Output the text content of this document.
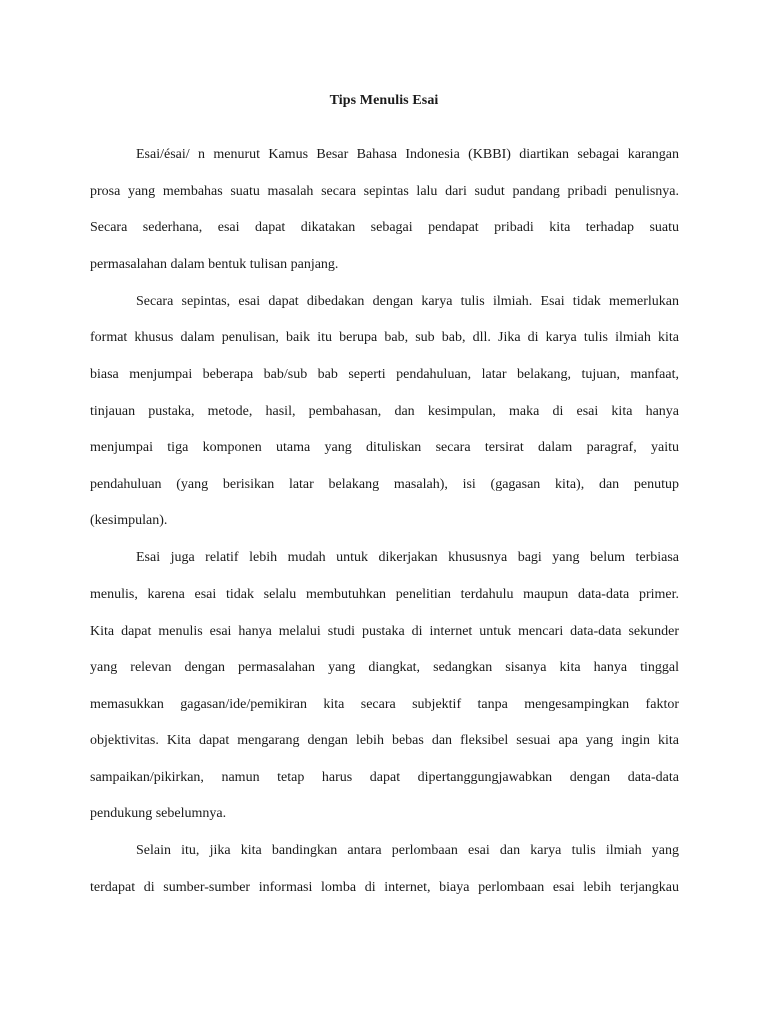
Tips Menulis Esai
Esai/ésai/ n menurut Kamus Besar Bahasa Indonesia (KBBI) diartikan sebagai karangan
prosa yang membahas suatu masalah secara sepintas lalu dari sudut pandang pribadi penulisnya.
Secara sederhana, esai dapat dikatakan sebagai pendapat pribadi kita terhadap suatu
permasalahan dalam bentuk tulisan panjang.
Secara sepintas, esai dapat dibedakan dengan karya tulis ilmiah. Esai tidak memerlukan
format khusus dalam penulisan, baik itu berupa bab, sub bab, dll. Jika di karya tulis ilmiah kita
biasa menjumpai beberapa bab/sub bab seperti pendahuluan, latar belakang, tujuan, manfaat,
tinjauan pustaka, metode, hasil, pembahasan, dan kesimpulan, maka di esai kita hanya
menjumpai tiga komponen utama yang dituliskan secara tersirat dalam paragraf, yaitu
pendahuluan (yang berisikan latar belakang masalah), isi (gagasan kita), dan penutup
(kesimpulan).
Esai juga relatif lebih mudah untuk dikerjakan khususnya bagi yang belum terbiasa
menulis, karena esai tidak selalu membutuhkan penelitian terdahulu maupun data-data primer.
Kita dapat menulis esai hanya melalui studi pustaka di internet untuk mencari data-data sekunder
yang relevan dengan permasalahan yang diangkat, sedangkan sisanya kita hanya tinggal
memasukkan gagasan/ide/pemikiran kita secara subjektif tanpa mengesampingkan faktor
objektivitas. Kita dapat mengarang dengan lebih bebas dan fleksibel sesuai apa yang ingin kita
sampaikan/pikirkan, namun tetap harus dapat dipertanggungjawabkan dengan data-data
pendukung sebelumnya.
Selain itu, jika kita bandingkan antara perlombaan esai dan karya tulis ilmiah yang
terdapat di sumber-sumber informasi lomba di internet, biaya perlombaan esai lebih terjangkau
